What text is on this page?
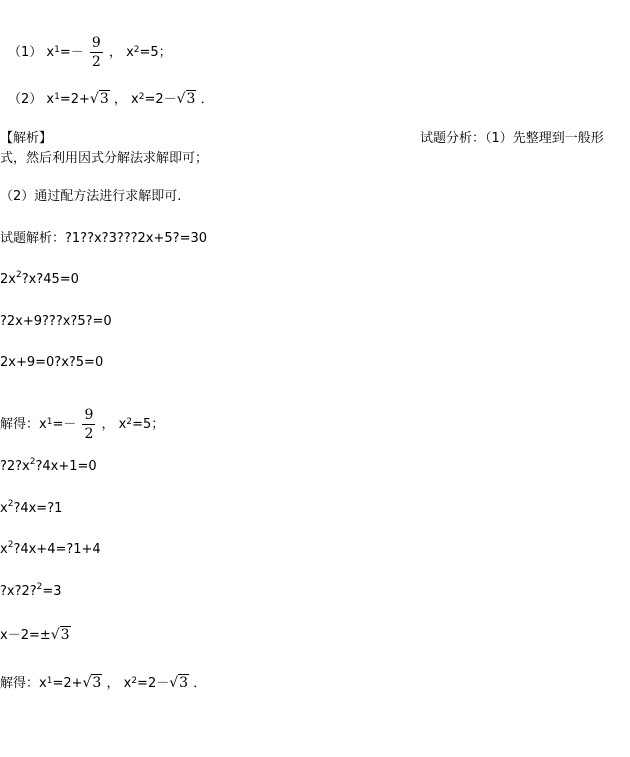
（1） $x^1=- \frac{9}{2}$ ， $x^2=5$；
（2） $x^1=2+√3$ ， $x^2=2-√3$ ．
【解析】	试题分析：（1）先整理到一般形
式，然后利用因式分解法求解即可；
（2）通过配方法进行求解即可.
试题解析：?1??x?3???2x+5?=30
$2x^2?x?45=0$
?2x+9???x?5?=0
2x+9=0?x?5=0
解得：$x^1=- \frac{9}{2}$ ， $x^2=5$；
$?2?x^2?4x+1=0$
$x^2?4x=?1$
$x^2?4x+4=?1+4$
?x?2?$^2$=3
x－2=±√3
解得：$x^1=2+√3$ ， $x^2=2-√3$ ．
